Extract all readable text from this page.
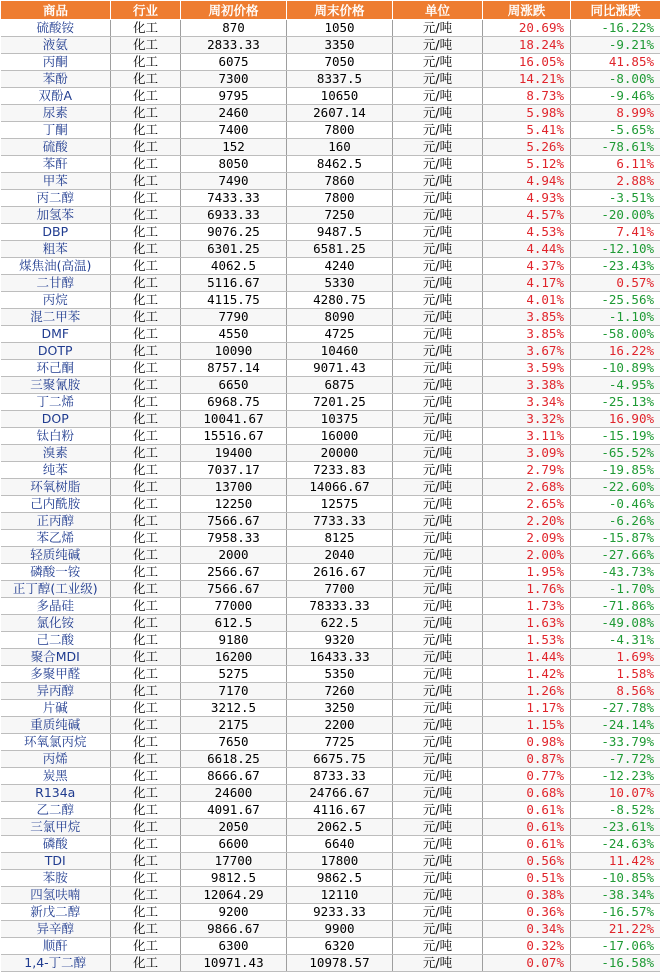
商品	行业	周初价格	周末价格	单位	周涨跌	同比涨跌
硫酸铵	化工	870	1050	元/吨	20.69%	-16.22%
液氨	化工	2833.33	3350	元/吨	18.24%	-9.21%
丙酮	化工	6075	7050	元/吨	16.05%	41.85%
苯酚	化工	7300	8337.5	元/吨	14.21%	-8.00%
双酚A	化工	9795	10650	元/吨	8.73%	-9.46%
尿素	化工	2460	2607.14	元/吨	5.98%	8.99%
丁酮	化工	7400	7800	元/吨	5.41%	-5.65%
硫酸	化工	152	160	元/吨	5.26%	-78.61%
苯酐	化工	8050	8462.5	元/吨	5.12%	6.11%
甲苯	化工	7490	7860	元/吨	4.94%	2.88%
丙二醇	化工	7433.33	7800	元/吨	4.93%	-3.51%
加氢苯	化工	6933.33	7250	元/吨	4.57%	-20.00%
DBP	化工	9076.25	9487.5	元/吨	4.53%	7.41%
粗苯	化工	6301.25	6581.25	元/吨	4.44%	-12.10%
煤焦油(高温)	化工	4062.5	4240	元/吨	4.37%	-23.43%
二甘醇	化工	5116.67	5330	元/吨	4.17%	0.57%
丙烷	化工	4115.75	4280.75	元/吨	4.01%	-25.56%
混二甲苯	化工	7790	8090	元/吨	3.85%	-1.10%
DMF	化工	4550	4725	元/吨	3.85%	-58.00%
DOTP	化工	10090	10460	元/吨	3.67%	16.22%
环己酮	化工	8757.14	9071.43	元/吨	3.59%	-10.89%
三聚氰胺	化工	6650	6875	元/吨	3.38%	-4.95%
丁二烯	化工	6968.75	7201.25	元/吨	3.34%	-25.13%
DOP	化工	10041.67	10375	元/吨	3.32%	16.90%
钛白粉	化工	15516.67	16000	元/吨	3.11%	-15.19%
溴素	化工	19400	20000	元/吨	3.09%	-65.52%
纯苯	化工	7037.17	7233.83	元/吨	2.79%	-19.85%
环氧树脂	化工	13700	14066.67	元/吨	2.68%	-22.60%
己内酰胺	化工	12250	12575	元/吨	2.65%	-0.46%
正丙醇	化工	7566.67	7733.33	元/吨	2.20%	-6.26%
苯乙烯	化工	7958.33	8125	元/吨	2.09%	-15.87%
轻质纯碱	化工	2000	2040	元/吨	2.00%	-27.66%
磷酸一铵	化工	2566.67	2616.67	元/吨	1.95%	-43.73%
正丁醇(工业级)	化工	7566.67	7700	元/吨	1.76%	-1.70%
多晶硅	化工	77000	78333.33	元/吨	1.73%	-71.86%
氯化铵	化工	612.5	622.5	元/吨	1.63%	-49.08%
己二酸	化工	9180	9320	元/吨	1.53%	-4.31%
聚合MDI	化工	16200	16433.33	元/吨	1.44%	1.69%
多聚甲醛	化工	5275	5350	元/吨	1.42%	1.58%
异丙醇	化工	7170	7260	元/吨	1.26%	8.56%
片碱	化工	3212.5	3250	元/吨	1.17%	-27.78%
重质纯碱	化工	2175	2200	元/吨	1.15%	-24.14%
环氧氯丙烷	化工	7650	7725	元/吨	0.98%	-33.79%
丙烯	化工	6618.25	6675.75	元/吨	0.87%	-7.72%
炭黑	化工	8666.67	8733.33	元/吨	0.77%	-12.23%
R134a	化工	24600	24766.67	元/吨	0.68%	10.07%
乙二醇	化工	4091.67	4116.67	元/吨	0.61%	-8.52%
三氯甲烷	化工	2050	2062.5	元/吨	0.61%	-23.61%
磷酸	化工	6600	6640	元/吨	0.61%	-24.63%
TDI	化工	17700	17800	元/吨	0.56%	11.42%
苯胺	化工	9812.5	9862.5	元/吨	0.51%	-10.85%
四氢呋喃	化工	12064.29	12110	元/吨	0.38%	-38.34%
新戊二醇	化工	9200	9233.33	元/吨	0.36%	-16.57%
异辛醇	化工	9866.67	9900	元/吨	0.34%	21.22%
顺酐	化工	6300	6320	元/吨	0.32%	-17.06%
1,4-丁二醇	化工	10971.43	10978.57	元/吨	0.07%	-16.58%
